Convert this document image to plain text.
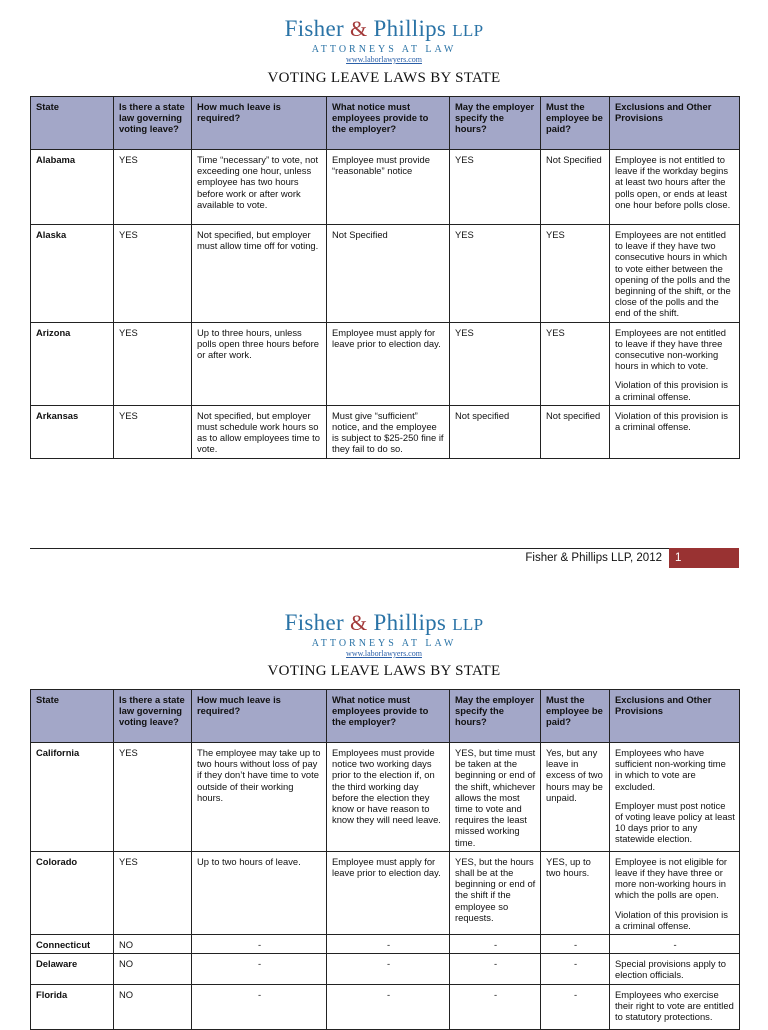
Fisher & Phillips LLP
ATTORNEYS AT LAW
www.laborlawyers.com
VOTING LEAVE LAWS BY STATE
State	Is there a state law governing voting leave?	How much leave is required?	What notice must employees provide to the employer?	May the employer specify the hours?	Must the employee be paid?	Exclusions and Other Provisions
Alabama	YES	Time “necessary” to vote, not exceeding one hour, unless employee has two hours before work or after work available to vote.	Employee must provide “reasonable” notice	YES	Not Specified	Employee is not entitled to leave if the workday begins at least two hours after the polls open, or ends at least one hour before polls close.

Alaska	YES	Not specified, but employer must allow time off for voting.	Not Specified	YES	YES	Employees are not entitled to leave if they have two consecutive hours in which to vote either between the opening of the polls and the beginning of the shift, or the close of the polls and the end of the shift.

Arizona	YES	Up to three hours, unless polls open three hours before or after work.	Employee must apply for leave prior to election day.	YES	YES	Employees are not entitled to leave if they have three consecutive non-working hours in which to vote.

Violation of this provision is a criminal offense.

Arkansas	YES	Not specified, but employer must schedule work hours so as to allow employees time to vote.	Must give “sufficient” notice, and the employee is subject to $25-250 fine if they fail to do so.	Not specified	Not specified	Violation of this provision is a criminal offense.

Fisher & Phillips LLP, 2012	1
Fisher & Phillips LLP
ATTORNEYS AT LAW
www.laborlawyers.com
VOTING LEAVE LAWS BY STATE
State	Is there a state law governing voting leave?	How much leave is required?	What notice must employees provide to the employer?	May the employer specify the hours?	Must the employee be paid?	Exclusions and Other Provisions
California	YES	The employee may take up to two hours without loss of pay if they don’t have time to vote outside of their working hours.	Employees must provide notice two working days prior to the election if, on the third working day before the election they know or have reason to know they will need leave.	YES, but time must be taken at the beginning or end of the shift, whichever allows the most time to vote and requires the least missed working time.	Yes, but any leave in excess of two hours may be unpaid.	Employees who have sufficient non-working time in which to vote are excluded.

Employer must post notice of voting leave policy at least 10 days prior to any statewide election.

Colorado	YES	Up to two hours of leave.	Employee must apply for leave prior to election day.	YES, but the hours shall be at the beginning or end of the shift if the employee so requests.	YES, up to two hours.	Employee is not eligible for leave if they have three or more non-working hours in which the polls are open.

Violation of this provision is a criminal offense.

Connecticut	NO	-	-	-	-	-

Delaware	NO	-	-	-	-	Special provisions apply to election officials.

Florida	NO	-	-	-	-	Employees who exercise their right to vote are entitled to statutory protections.
